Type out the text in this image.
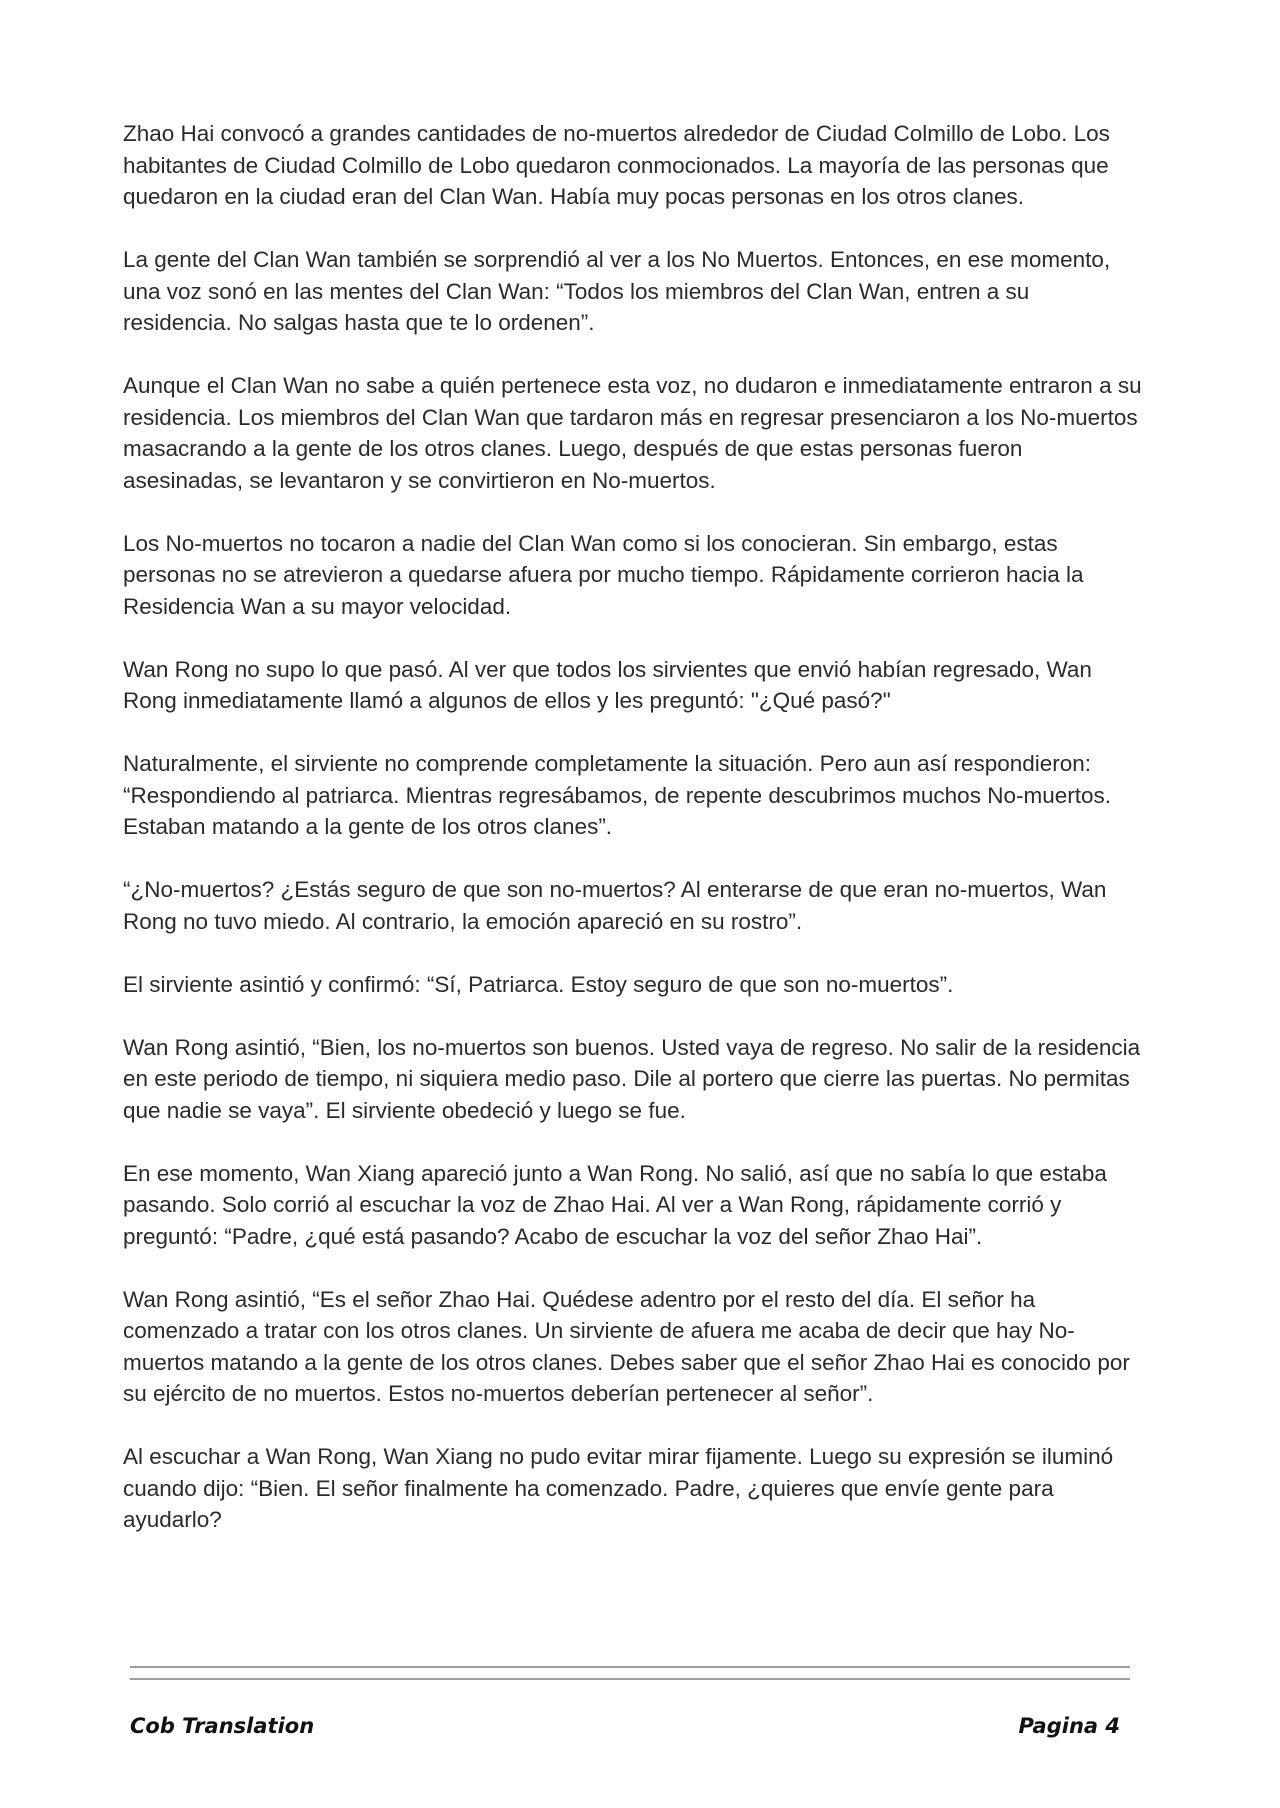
Zhao Hai convocó a grandes cantidades de no-muertos alrededor de Ciudad Colmillo de Lobo. Los habitantes de Ciudad Colmillo de Lobo quedaron conmocionados. La mayoría de las personas que quedaron en la ciudad eran del Clan Wan. Había muy pocas personas en los otros clanes.

La gente del Clan Wan también se sorprendió al ver a los No Muertos. Entonces, en ese momento, una voz sonó en las mentes del Clan Wan: “Todos los miembros del Clan Wan, entren a su residencia. No salgas hasta que te lo ordenen”.

Aunque el Clan Wan no sabe a quién pertenece esta voz, no dudaron e inmediatamente entraron a su residencia. Los miembros del Clan Wan que tardaron más en regresar presenciaron a los No-muertos masacrando a la gente de los otros clanes. Luego, después de que estas personas fueron asesinadas, se levantaron y se convirtieron en No-muertos.

Los No-muertos no tocaron a nadie del Clan Wan como si los conocieran. Sin embargo, estas personas no se atrevieron a quedarse afuera por mucho tiempo. Rápidamente corrieron hacia la Residencia Wan a su mayor velocidad.

Wan Rong no supo lo que pasó. Al ver que todos los sirvientes que envió habían regresado, Wan Rong inmediatamente llamó a algunos de ellos y les preguntó: "¿Qué pasó?"

Naturalmente, el sirviente no comprende completamente la situación. Pero aun así respondieron: “Respondiendo al patriarca. Mientras regresábamos, de repente descubrimos muchos No-muertos. Estaban matando a la gente de los otros clanes”.

“¿No-muertos? ¿Estás seguro de que son no-muertos? Al enterarse de que eran no-muertos, Wan Rong no tuvo miedo. Al contrario, la emoción apareció en su rostro”.

El sirviente asintió y confirmó: “Sí, Patriarca. Estoy seguro de que son no-muertos”.

Wan Rong asintió, “Bien, los no-muertos son buenos. Usted vaya de regreso. No salir de la residencia en este periodo de tiempo, ni siquiera medio paso. Dile al portero que cierre las puertas. No permitas que nadie se vaya”. El sirviente obedeció y luego se fue.

En ese momento, Wan Xiang apareció junto a Wan Rong. No salió, así que no sabía lo que estaba pasando. Solo corrió al escuchar la voz de Zhao Hai. Al ver a Wan Rong, rápidamente corrió y preguntó: “Padre, ¿qué está pasando? Acabo de escuchar la voz del señor Zhao Hai”.

Wan Rong asintió, “Es el señor Zhao Hai. Quédese adentro por el resto del día. El señor ha comenzado a tratar con los otros clanes. Un sirviente de afuera me acaba de decir que hay No-muertos matando a la gente de los otros clanes. Debes saber que el señor Zhao Hai es conocido por su ejército de no muertos. Estos no-muertos deberían pertenecer al señor”.

Al escuchar a Wan Rong, Wan Xiang no pudo evitar mirar fijamente. Luego su expresión se iluminó cuando dijo: “Bien. El señor finalmente ha comenzado. Padre, ¿quieres que envíe gente para ayudarlo?

Cob Translation	Pagina 4
